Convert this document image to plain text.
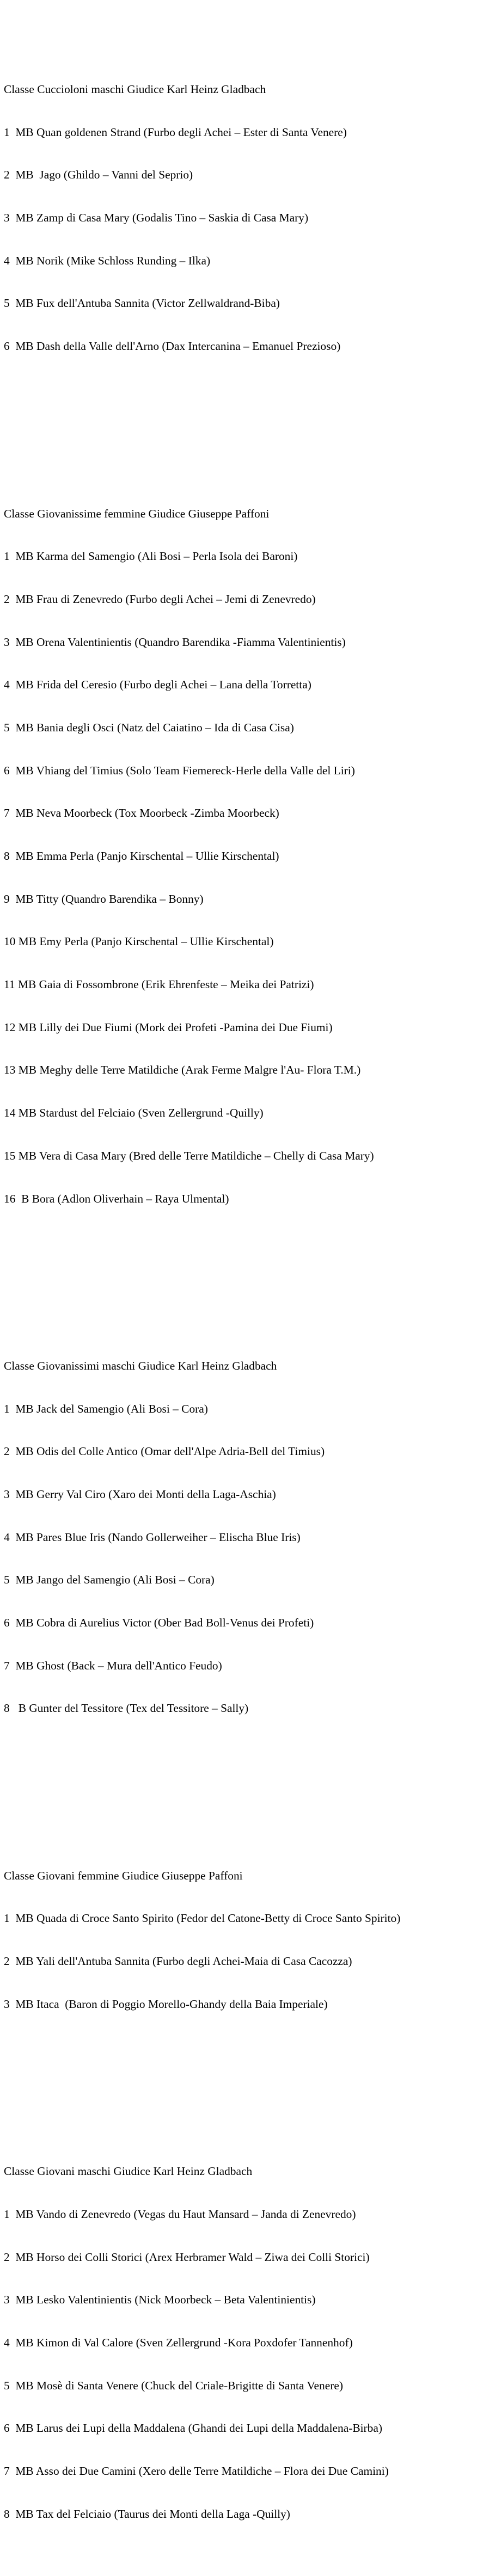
Classe Cuccioloni maschi Giudice Karl Heinz Gladbach

1  MB Quan goldenen Strand (Furbo degli Achei – Ester di Santa Venere)

2  MB  Jago (Ghildo – Vanni del Seprio)

3  MB Zamp di Casa Mary (Godalis Tino – Saskia di Casa Mary)

4  MB Norik (Mike Schloss Runding – Ilka)

5  MB Fux dell'Antuba Sannita (Victor Zellwaldrand-Biba)

6  MB Dash della Valle dell'Arno (Dax Intercanina – Emanuel Prezioso)

Classe Giovanissime femmine Giudice Giuseppe Paffoni

1  MB Karma del Samengio (Ali Bosi – Perla Isola dei Baroni)

2  MB Frau di Zenevredo (Furbo degli Achei – Jemi di Zenevredo)

3  MB Orena Valentinientis (Quandro Barendika -Fiamma Valentinientis)

4  MB Frida del Ceresio (Furbo degli Achei – Lana della Torretta)

5  MB Bania degli Osci (Natz del Caiatino – Ida di Casa Cisa)

6  MB Vhiang del Timius (Solo Team Fiemereck-Herle della Valle del Liri)

7  MB Neva Moorbeck (Tox Moorbeck -Zimba Moorbeck)

8  MB Emma Perla (Panjo Kirschental – Ullie Kirschental)

9  MB Titty (Quandro Barendika – Bonny)

10 MB Emy Perla (Panjo Kirschental – Ullie Kirschental)

11 MB Gaia di Fossombrone (Erik Ehrenfeste – Meika dei Patrizi)

12 MB Lilly dei Due Fiumi (Mork dei Profeti -Pamina dei Due Fiumi)

13 MB Meghy delle Terre Matildiche (Arak Ferme Malgre l'Au- Flora T.M.)

14 MB Stardust del Felciaio (Sven Zellergrund -Quilly)

15 MB Vera di Casa Mary (Bred delle Terre Matildiche – Chelly di Casa Mary)

16  B Bora (Adlon Oliverhain – Raya Ulmental)

Classe Giovanissimi maschi Giudice Karl Heinz Gladbach

1  MB Jack del Samengio (Ali Bosi – Cora)

2  MB Odis del Colle Antico (Omar dell'Alpe Adria-Bell del Timius)

3  MB Gerry Val Ciro (Xaro dei Monti della Laga-Aschia)

4  MB Pares Blue Iris (Nando Gollerweiher – Elischa Blue Iris)

5  MB Jango del Samengio (Ali Bosi – Cora)

6  MB Cobra di Aurelius Victor (Ober Bad Boll-Venus dei Profeti)

7  MB Ghost (Back – Mura dell'Antico Feudo)

8   B Gunter del Tessitore (Tex del Tessitore – Sally)

Classe Giovani femmine Giudice Giuseppe Paffoni

1  MB Quada di Croce Santo Spirito (Fedor del Catone-Betty di Croce Santo Spirito)

2  MB Yali dell'Antuba Sannita (Furbo degli Achei-Maia di Casa Cacozza)

3  MB Itaca  (Baron di Poggio Morello-Ghandy della Baia Imperiale)

Classe Giovani maschi Giudice Karl Heinz Gladbach

1  MB Vando di Zenevredo (Vegas du Haut Mansard – Janda di Zenevredo)

2  MB Horso dei Colli Storici (Arex Herbramer Wald – Ziwa dei Colli Storici)

3  MB Lesko Valentinientis (Nick Moorbeck – Beta Valentinientis)

4  MB Kimon di Val Calore (Sven Zellergrund -Kora Poxdofer Tannenhof)

5  MB Mosè di Santa Venere (Chuck del Criale-Brigitte di Santa Venere)

6  MB Larus dei Lupi della Maddalena (Ghandi dei Lupi della Maddalena-Birba)

7  MB Asso dei Due Camini (Xero delle Terre Matildiche – Flora dei Due Camini)

8  MB Tax del Felciaio (Taurus dei Monti della Laga -Quilly)
